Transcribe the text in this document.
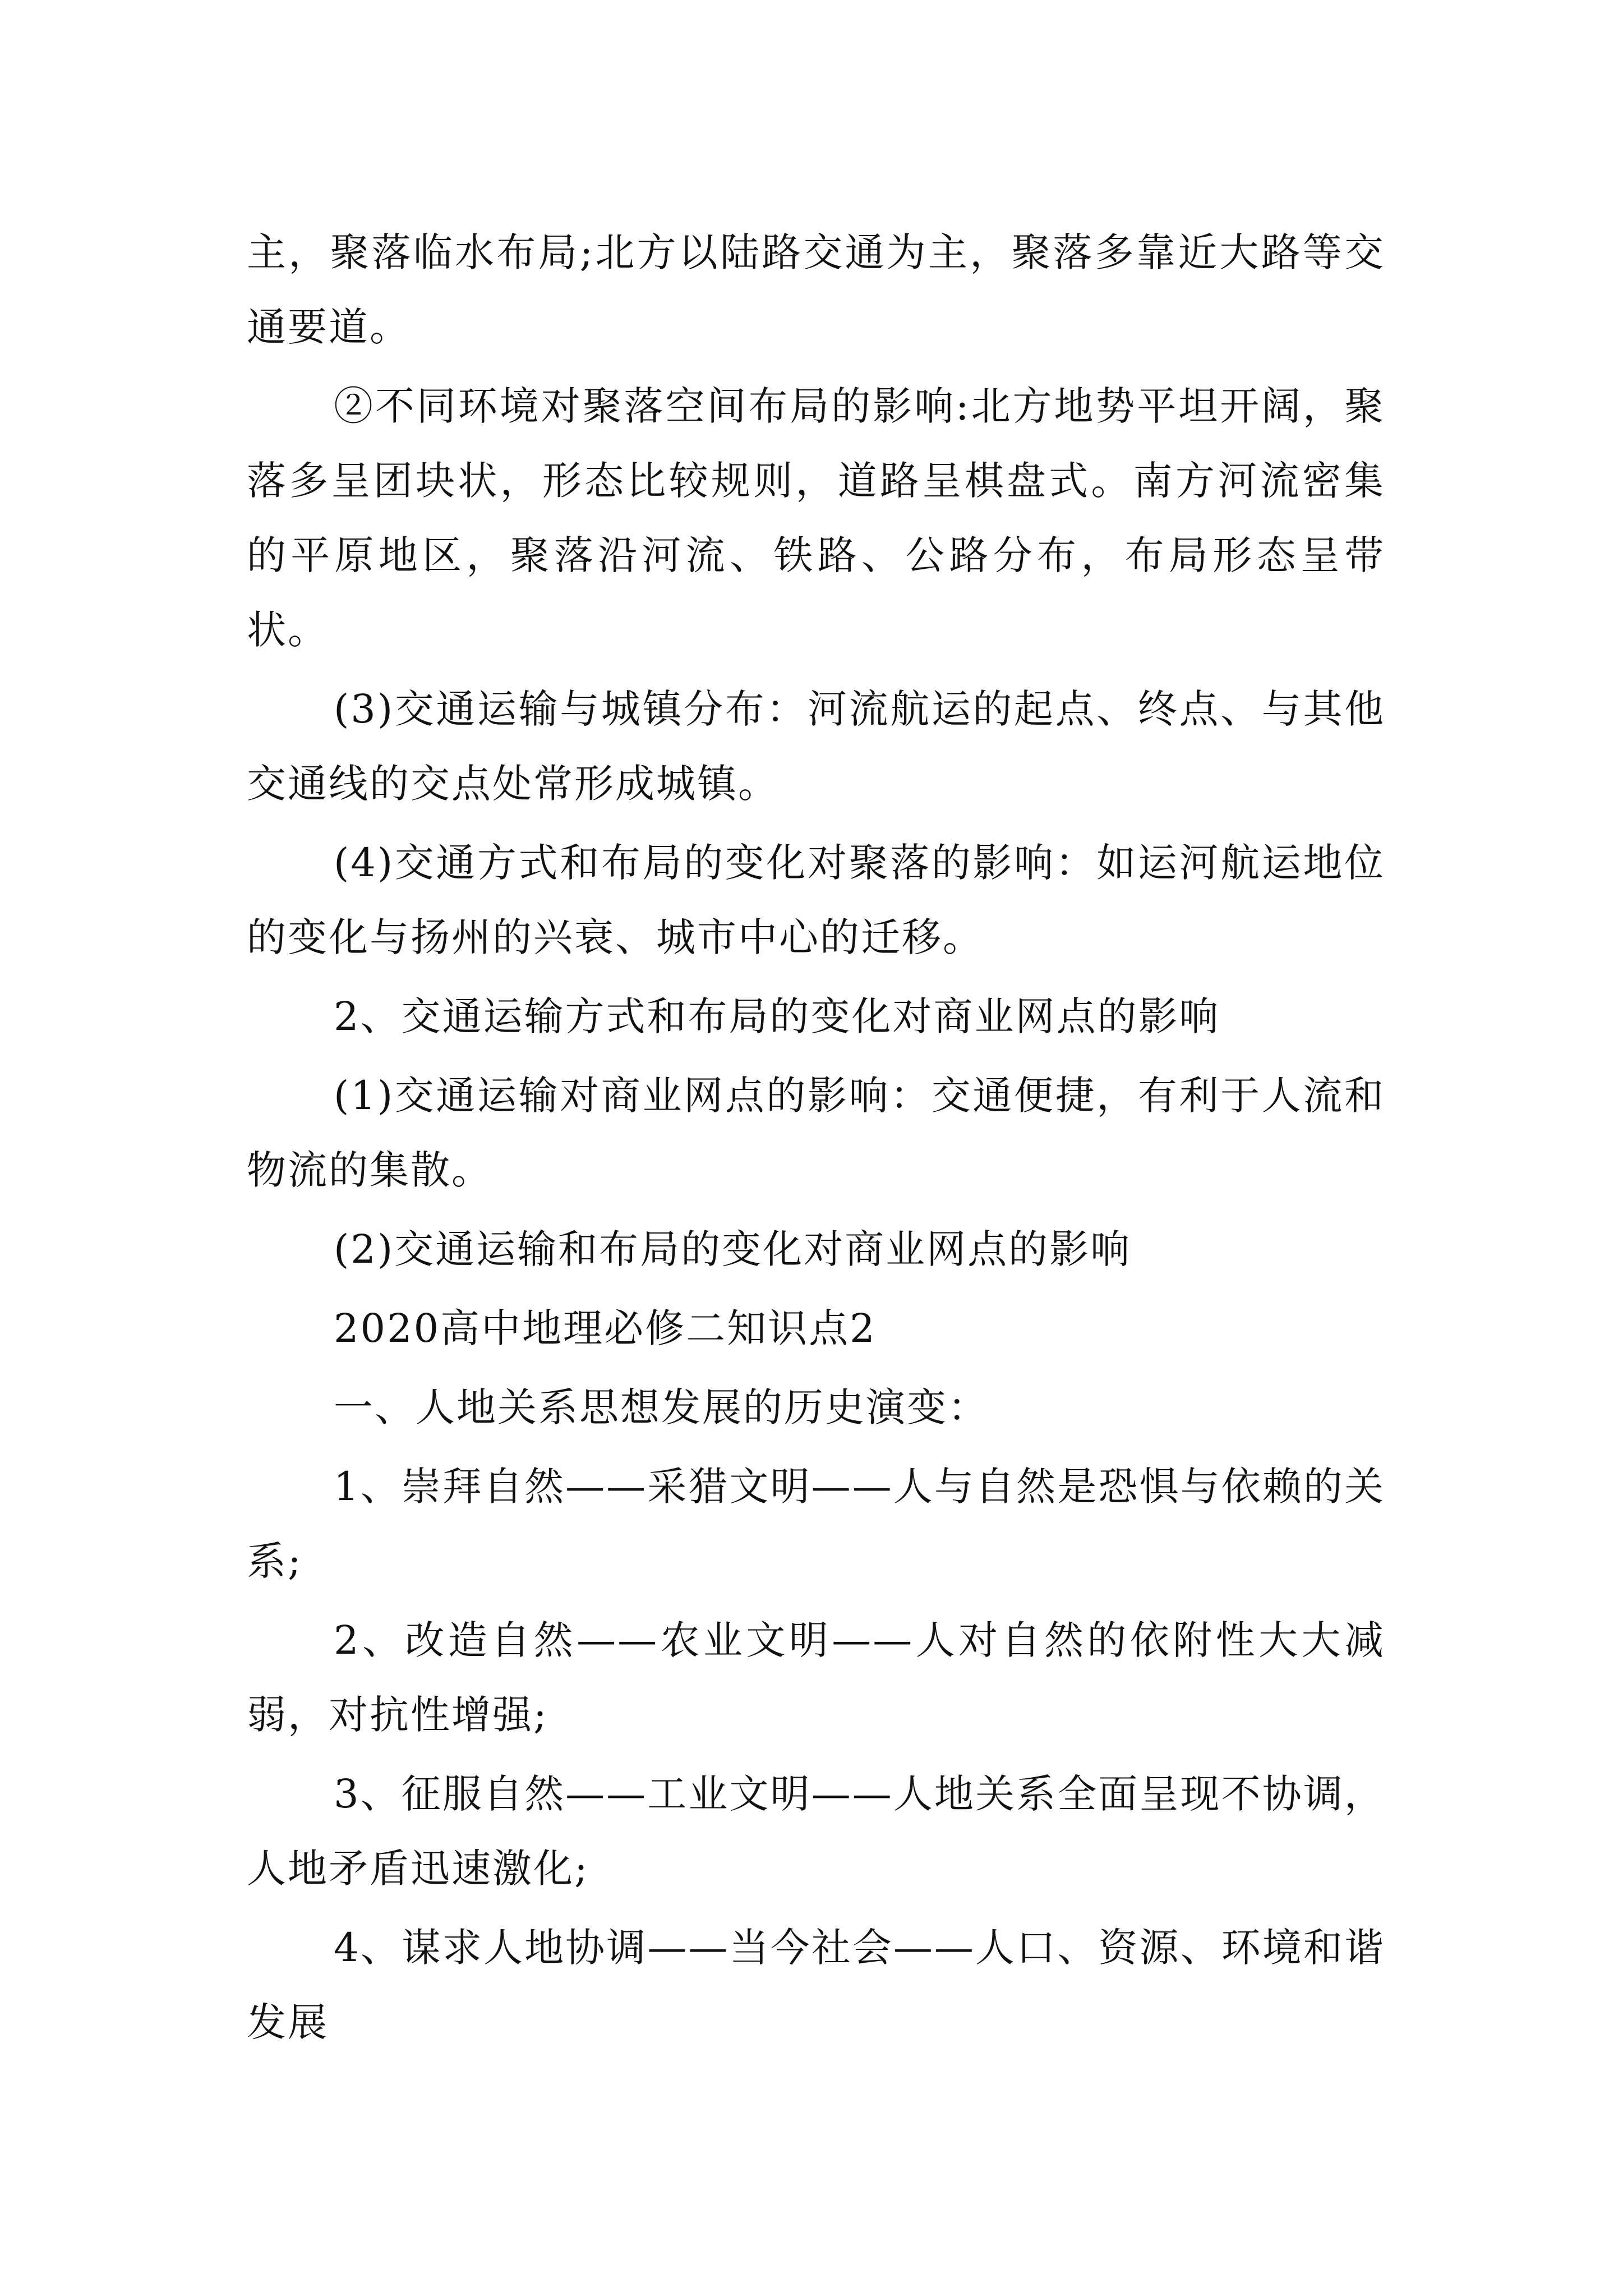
主，聚落临水布局;北方以陆路交通为主，聚落多靠近大路等交通要道。

②不同环境对聚落空间布局的影响:北方地势平坦开阔，聚落多呈团块状，形态比较规则，道路呈棋盘式。南方河流密集的平原地区，聚落沿河流、铁路、公路分布，布局形态呈带状。

(3)交通运输与城镇分布：河流航运的起点、终点、与其他交通线的交点处常形成城镇。

(4)交通方式和布局的变化对聚落的影响：如运河航运地位的变化与扬州的兴衰、城市中心的迁移。

2、交通运输方式和布局的变化对商业网点的影响

(1)交通运输对商业网点的影响：交通便捷，有利于人流和物流的集散。

(2)交通运输和布局的变化对商业网点的影响

2020高中地理必修二知识点2

一、人地关系思想发展的历史演变：

1、崇拜自然——采猎文明——人与自然是恐惧与依赖的关系;

2、改造自然——农业文明——人对自然的依附性大大减弱，对抗性增强;

3、征服自然——工业文明——人地关系全面呈现不协调，人地矛盾迅速激化;

4、谋求人地协调——当今社会——人口、资源、环境和谐发展
